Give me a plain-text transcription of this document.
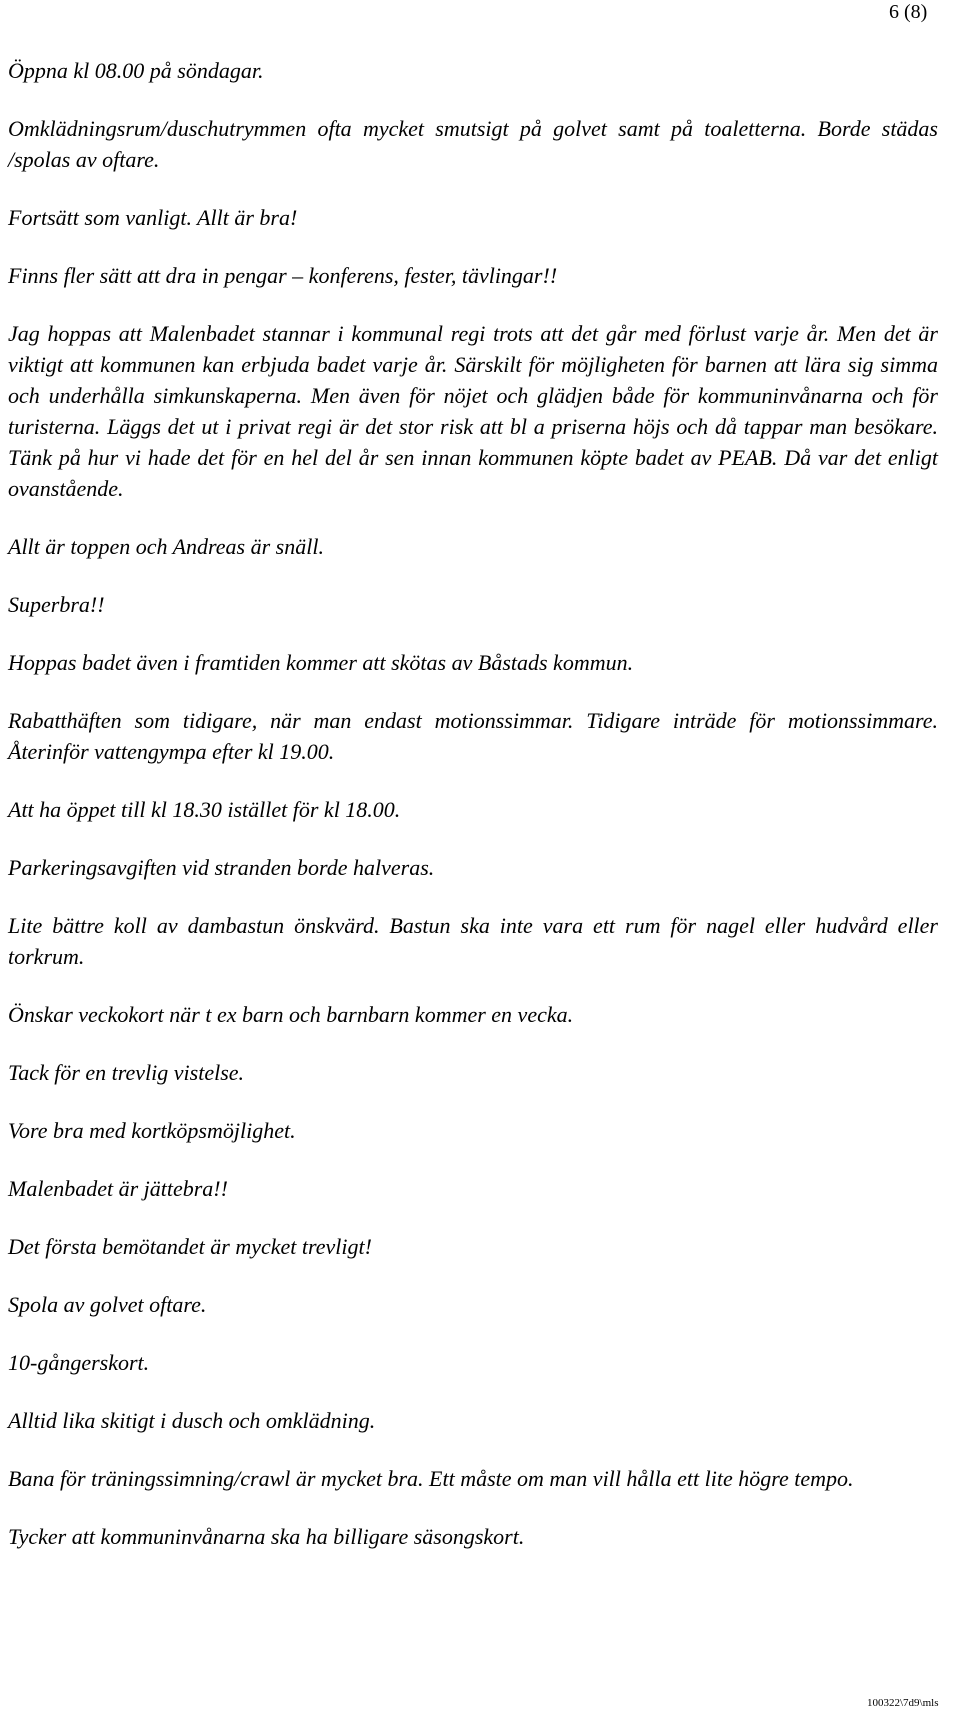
6 (8)

Öppna kl 08.00 på söndagar.

Omklädningsrum/duschutrymmen ofta mycket smutsigt på golvet samt på toaletterna. Borde städas /spolas av oftare.

Fortsätt som vanligt. Allt är bra!

Finns fler sätt att dra in pengar – konferens, fester, tävlingar!!

Jag hoppas att Malenbadet stannar i kommunal regi trots att det går med förlust varje år. Men det är viktigt att kommunen kan erbjuda badet varje år. Särskilt för möjligheten för barnen att lära sig simma och underhålla simkunskaperna. Men även för nöjet och glädjen både för kommuninvånarna och för turisterna. Läggs det ut i privat regi är det stor risk att bl a priserna höjs och då tappar man besökare. Tänk på hur vi hade det för en hel del år sen innan kommunen köpte badet av PEAB. Då var det enligt ovanstående.

Allt är toppen och Andreas är snäll.

Superbra!!

Hoppas badet även i framtiden kommer att skötas av Båstads kommun.

Rabatthäften som tidigare, när man endast motionssimmar. Tidigare inträde för motionssimmare. Återinför vattengympa efter kl 19.00.

Att ha öppet till kl 18.30 istället för kl 18.00.

Parkeringsavgiften vid stranden borde halveras.

Lite bättre koll av dambastun önskvärd. Bastun ska inte vara ett rum för nagel eller hudvård eller torkrum.

Önskar veckokort när t ex barn och barnbarn kommer en vecka.

Tack för en trevlig vistelse.

Vore bra med kortköpsmöjlighet.

Malenbadet är jättebra!!

Det första bemötandet är mycket trevligt!

Spola av golvet oftare.

10-gångerskort.

Alltid lika skitigt i dusch och omklädning.

Bana för träningssimning/crawl är mycket bra. Ett måste om man vill hålla ett lite högre tempo.

Tycker att kommuninvånarna ska ha billigare säsongskort.

100322\7d9\mls
